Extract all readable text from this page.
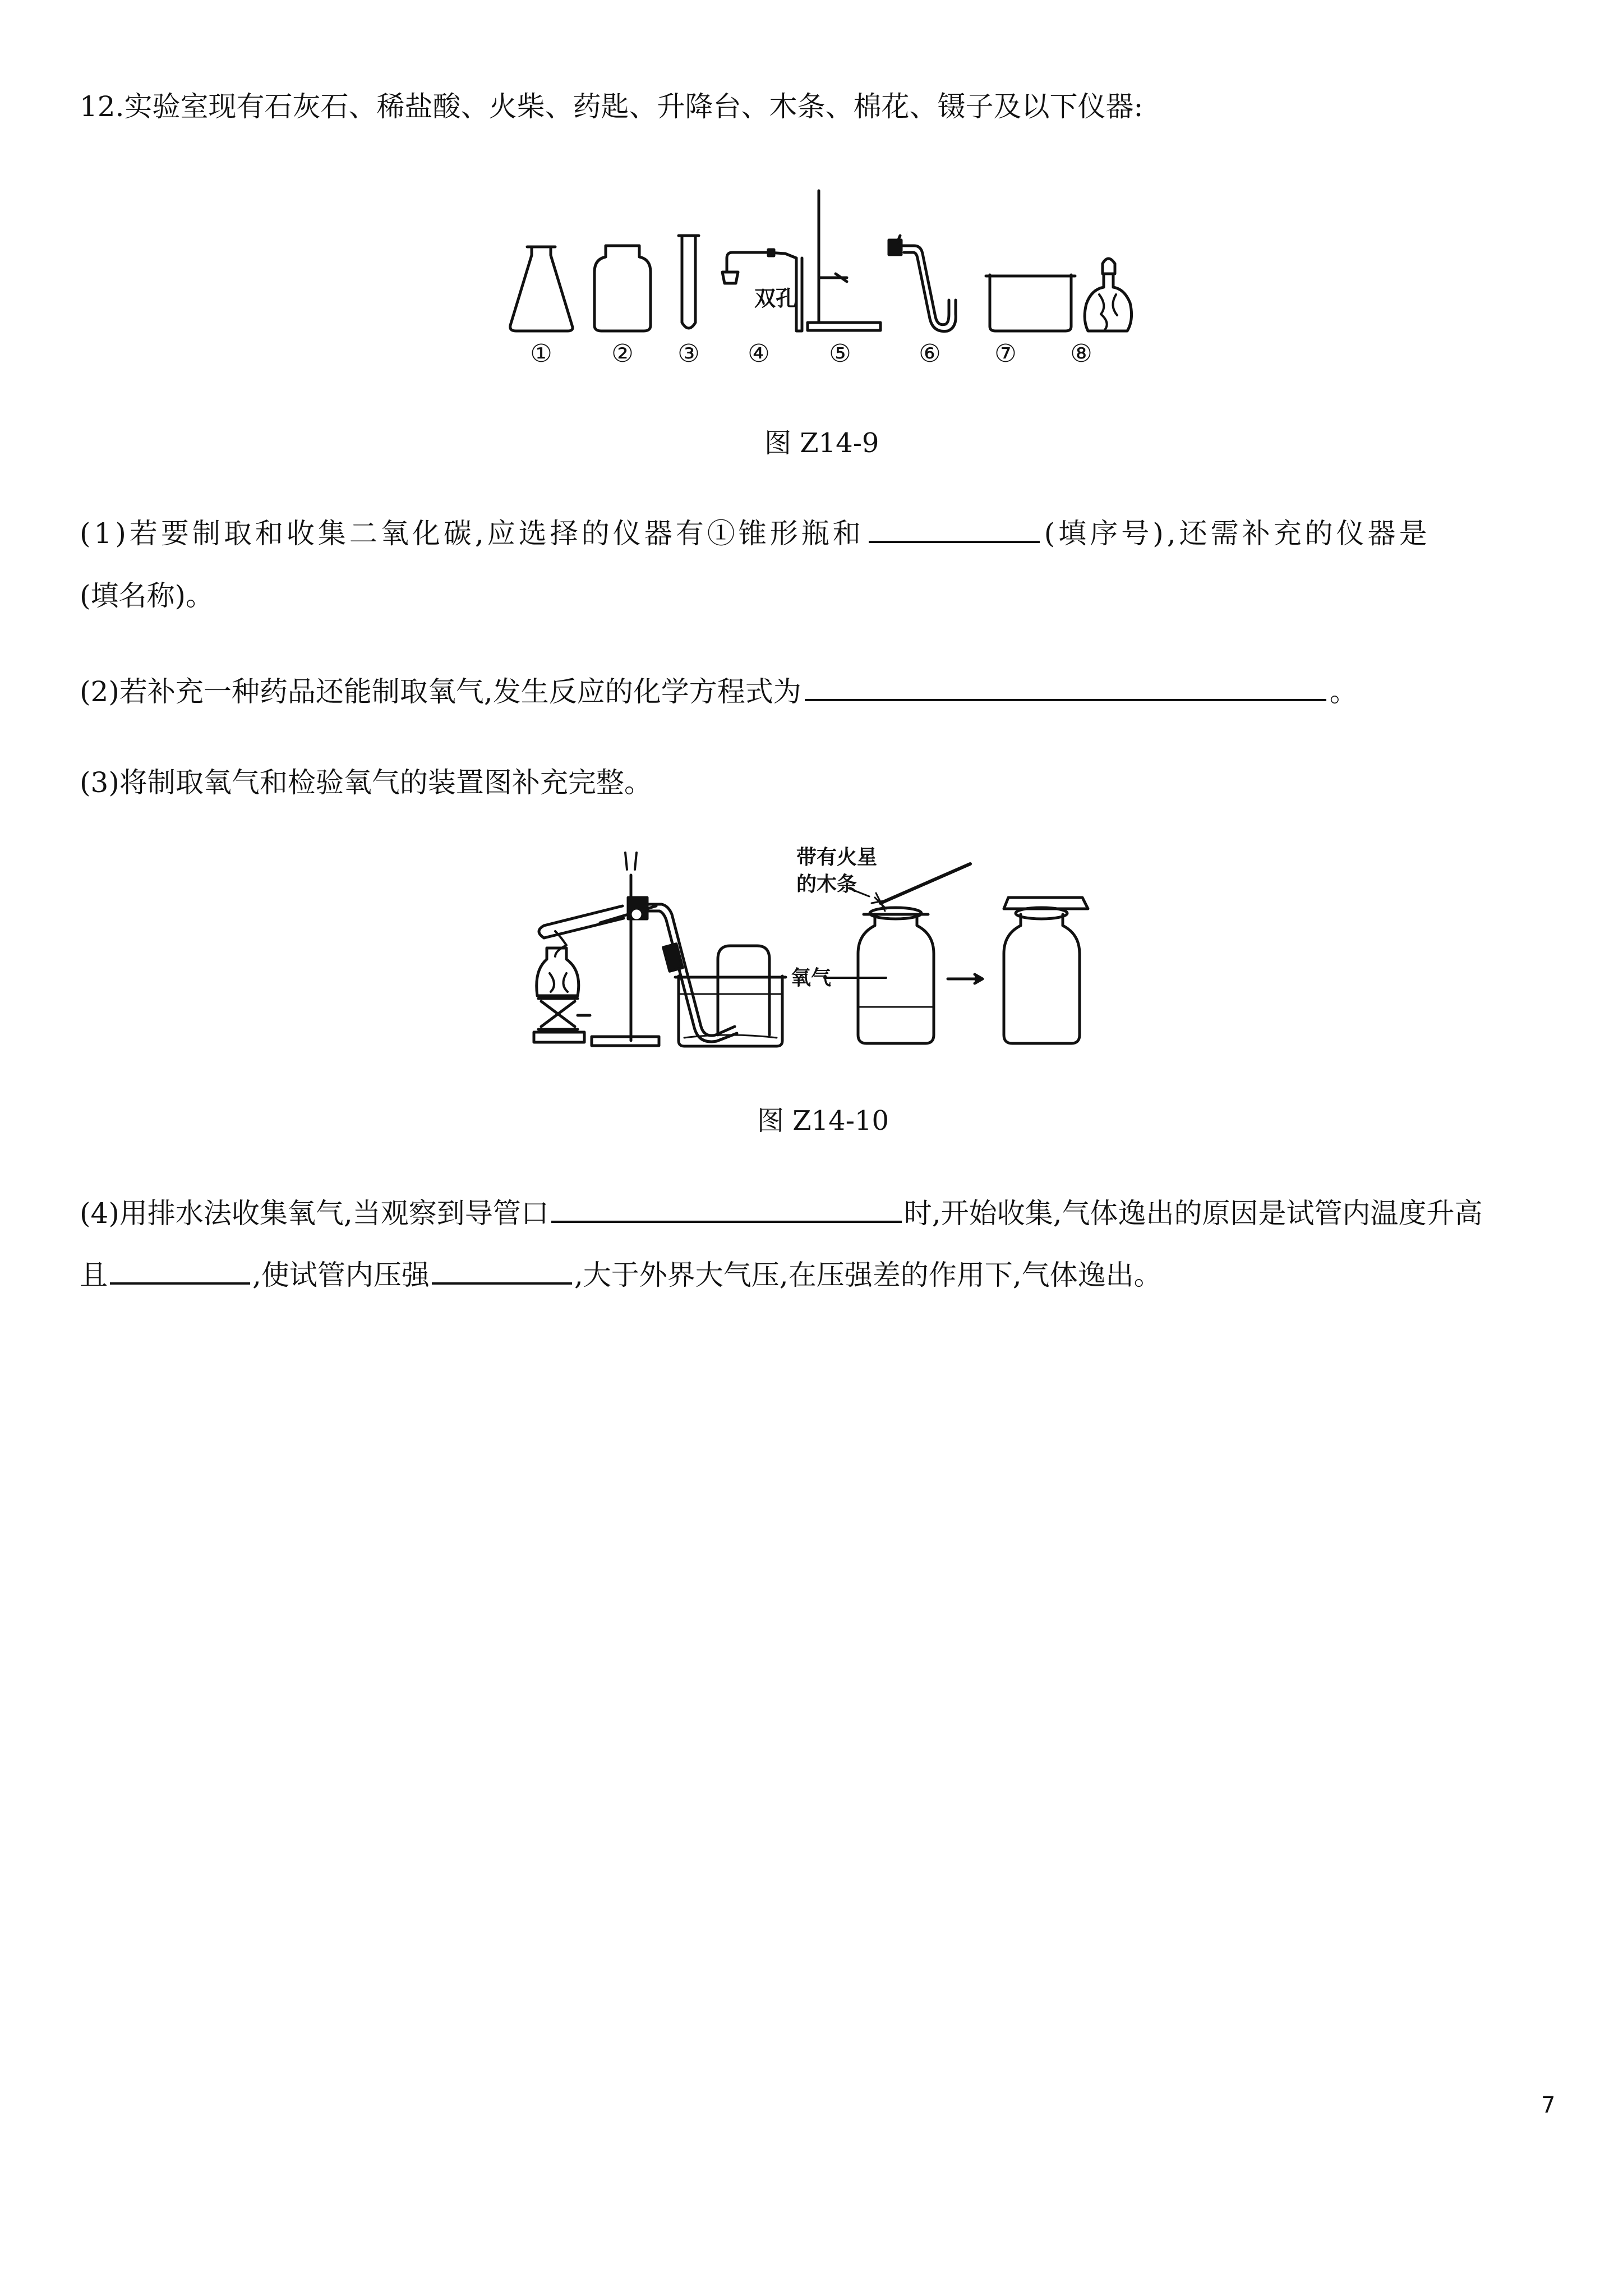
12.实验室现有石灰石、稀盐酸、火柴、药匙、升降台、木条、棉花、镊子及以下仪器:
双孔
① ② ③ ④ ⑤	⑥ ⑦ ⑧
图 Z14-9
(1)若要制取和收集二氧化碳,应选择的仪器有①锥形瓶和	(填序号),还需补充的仪器是
(填名称)。
(2)若补充一种药品还能制取氧气,发生反应的化学方程式为	。
(3)将制取氧气和检验氧气的装置图补充完整。
带有火星
的木条
氧气
图 Z14-10
(4)用排水法收集氧气,当观察到导管口	时,开始收集,气体逸出的原因是试管内温度升高
且	,使试管内压强	,大于外界大气压,在压强差的作用下,气体逸出。
7
